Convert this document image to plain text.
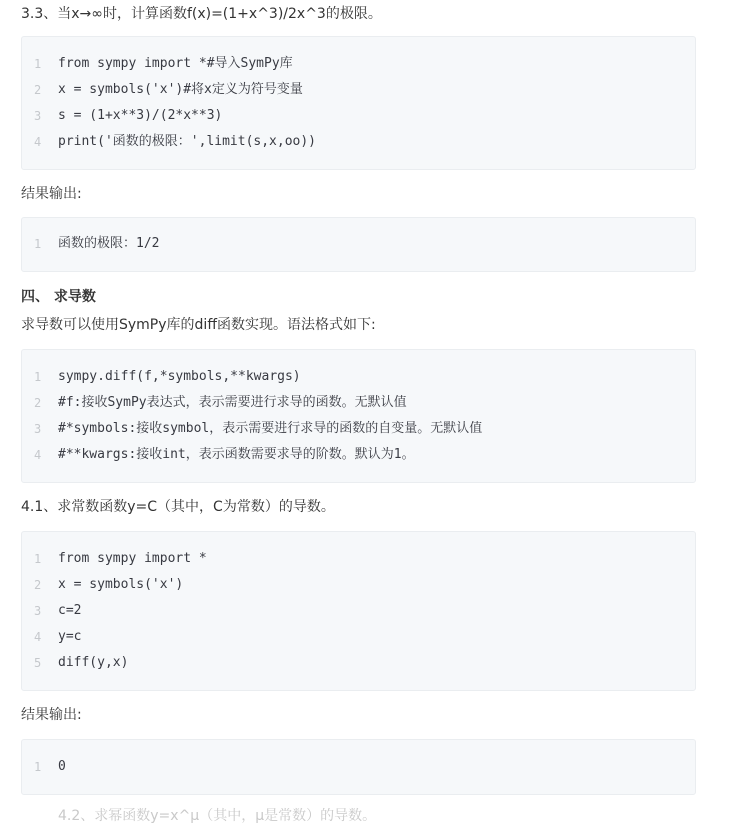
3.3、当x→∞时，计算函数f(x)=(1+x^3)/2x^3的极限。
1 from sympy import *#导入SymPy库
2 x = symbols('x')#将x定义为符号变量
3 s = (1+x**3)/(2*x**3)
4 print('函数的极限：',limit(s,x,oo))
结果输出:
1 函数的极限：1/2
四、 求导数
求导数可以使用SymPy库的diff函数实现。语法格式如下:
1 sympy.diff(f,*symbols,**kwargs)
2 #f:接收SymPy表达式，表示需要进行求导的函数。无默认值
3 #*symbols:接收symbol，表示需要进行求导的函数的自变量。无默认值
4 #**kwargs:接收int，表示函数需要求导的阶数。默认为1。
4.1、求常数函数y=C（其中，C为常数）的导数。
1 from sympy import *
2 x = symbols('x')
3 c=2
4 y=c
5 diff(y,x)
结果输出:
1 0
4.2、求幂函数y=x^μ（其中，μ是常数）的导数。
